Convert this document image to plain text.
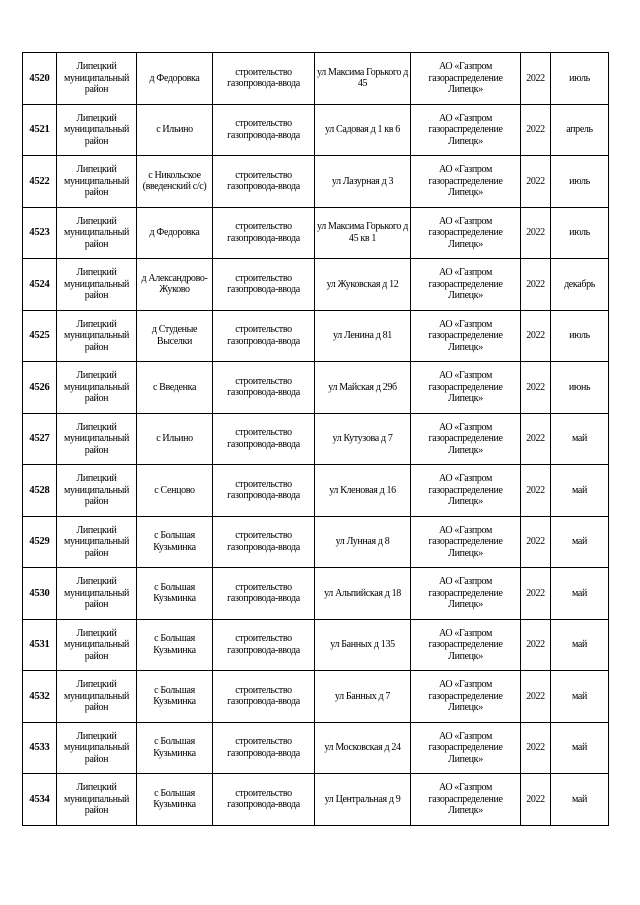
4520	Липецкий муниципальный район	д Федоровка	строительство газопровода-ввода	ул Максима Горького д 45	АО «Газпром газораспределение Липецк»	2022	июль
4521	Липецкий муниципальный район	с Ильино	строительство газопровода-ввода	ул Садовая д 1 кв 6	АО «Газпром газораспределение Липецк»	2022	апрель
4522	Липецкий муниципальный район	с Никольское (введенский с/с)	строительство газопровода-ввода	ул Лазурная д 3	АО «Газпром газораспределение Липецк»	2022	июль
4523	Липецкий муниципальный район	д Федоровка	строительство газопровода-ввода	ул Максима Горького д 45 кв 1	АО «Газпром газораспределение Липецк»	2022	июль
4524	Липецкий муниципальный район	д Александрово-Жуково	строительство газопровода-ввода	ул Жуковская д 12	АО «Газпром газораспределение Липецк»	2022	декабрь
4525	Липецкий муниципальный район	д Студеные Выселки	строительство газопровода-ввода	ул Ленина д 81	АО «Газпром газораспределение Липецк»	2022	июль
4526	Липецкий муниципальный район	с Введенка	строительство газопровода-ввода	ул Майская д 29б	АО «Газпром газораспределение Липецк»	2022	июнь
4527	Липецкий муниципальный район	с Ильино	строительство газопровода-ввода	ул Кутузова д 7	АО «Газпром газораспределение Липецк»	2022	май
4528	Липецкий муниципальный район	с Сенцово	строительство газопровода-ввода	ул Кленовая д 16	АО «Газпром газораспределение Липецк»	2022	май
4529	Липецкий муниципальный район	с Большая Кузьминка	строительство газопровода-ввода	ул Лунная д 8	АО «Газпром газораспределение Липецк»	2022	май
4530	Липецкий муниципальный район	с Большая Кузьминка	строительство газопровода-ввода	ул Альпийская д 18	АО «Газпром газораспределение Липецк»	2022	май
4531	Липецкий муниципальный район	с Большая Кузьминка	строительство газопровода-ввода	ул Банных д 135	АО «Газпром газораспределение Липецк»	2022	май
4532	Липецкий муниципальный район	с Большая Кузьминка	строительство газопровода-ввода	ул Банных д 7	АО «Газпром газораспределение Липецк»	2022	май
4533	Липецкий муниципальный район	с Большая Кузьминка	строительство газопровода-ввода	ул Московская д 24	АО «Газпром газораспределение Липецк»	2022	май
4534	Липецкий муниципальный район	с Большая Кузьминка	строительство газопровода-ввода	ул Центральная д 9	АО «Газпром газораспределение Липецк»	2022	май
